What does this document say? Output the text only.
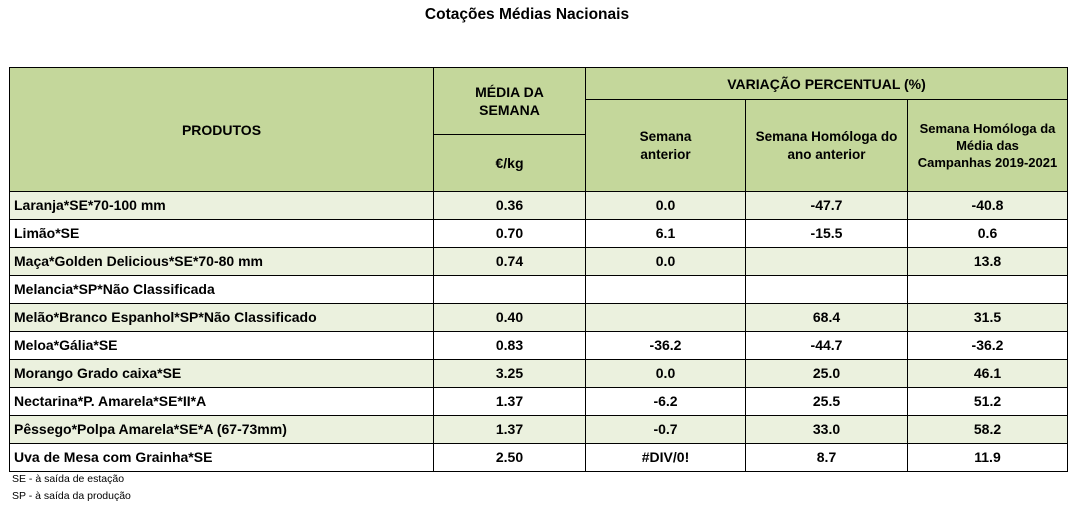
Cotações Médias Nacionais
PRODUTOS	MÉDIA DA SEMANA	VARIAÇÃO PERCENTUAL (%)		
		Semana anterior	Semana Homóloga do ano anterior	Semana Homóloga da Média das Campanhas 2019-2021
	€/kg			
Laranja*SE*70-100 mm	0.36	0.0	-47.7	-40.8
Limão*SE	0.70	6.1	-15.5	0.6
Maça*Golden Delicious*SE*70-80 mm	0.74	0.0		13.8
Melancia*SP*Não Classificada				
Melão*Branco Espanhol*SP*Não Classificado	0.40		68.4	31.5
Meloa*Gália*SE	0.83	-36.2	-44.7	-36.2
Morango Grado caixa*SE	3.25	0.0	25.0	46.1
Nectarina*P. Amarela*SE*II*A	1.37	-6.2	25.5	51.2
Pêssego*Polpa Amarela*SE*A (67-73mm)	1.37	-0.7	33.0	58.2
Uva de Mesa com Grainha*SE	2.50	#DIV/0!	8.7	11.9
SE - à saída de estação
SP - à saída da produção
